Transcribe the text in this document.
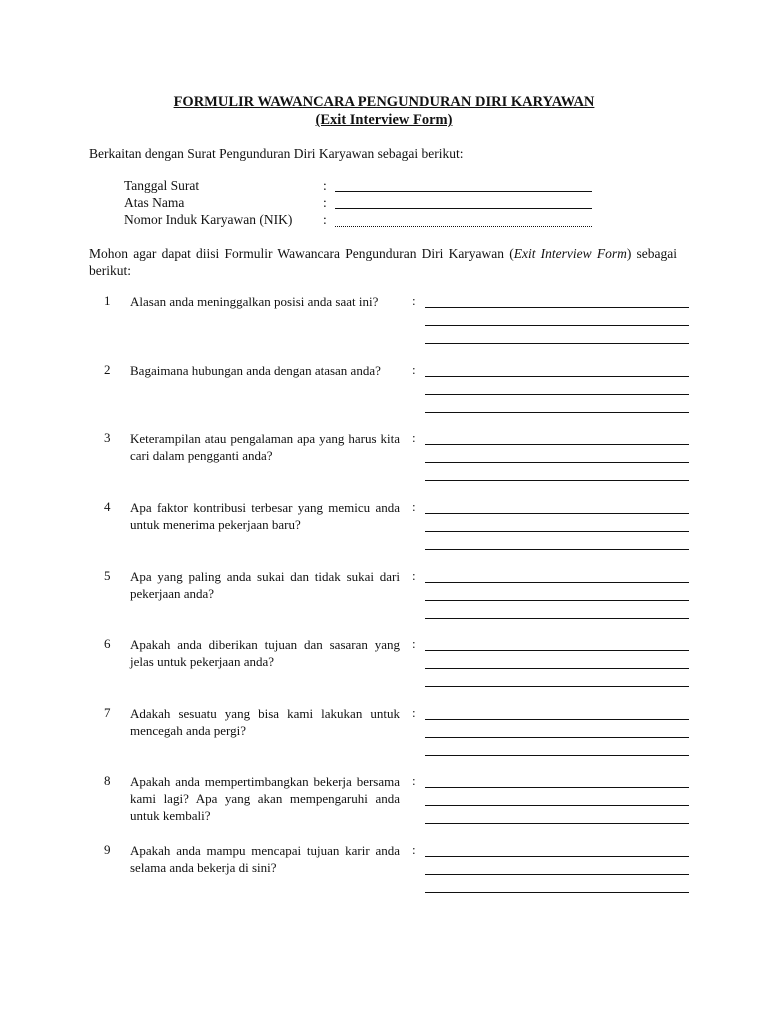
FORMULIR WAWANCARA PENGUNDURAN DIRI KARYAWAN
(Exit Interview Form)
Berkaitan dengan Surat Pengunduran Diri Karyawan sebagai berikut:
Tanggal Surat	:
Atas Nama	:
Nomor Induk Karyawan (NIK) :
Mohon agar dapat diisi Formulir Wawancara Pengunduran Diri Karyawan (Exit Interview Form) sebagai berikut:
1 Alasan anda meninggalkan posisi anda saat ini?	:
2 Bagaimana hubungan anda dengan atasan anda?	:
3 Keterampilan atau pengalaman apa yang harus kita cari dalam pengganti anda?
:
4 Apa faktor kontribusi terbesar yang memicu anda untuk menerima pekerjaan baru?
:
5 Apa yang paling anda sukai dan tidak sukai dari pekerjaan anda?
:
6 Apakah anda diberikan tujuan dan sasaran yang jelas untuk pekerjaan anda?
:
7 Adakah sesuatu yang bisa kami lakukan untuk mencegah anda pergi?
:
8 Apakah anda mempertimbangkan bekerja bersama kami lagi? Apa yang akan mempengaruhi anda untuk kembali?
:
9 Apakah anda mampu mencapai tujuan karir anda selama anda bekerja di sini?
:
